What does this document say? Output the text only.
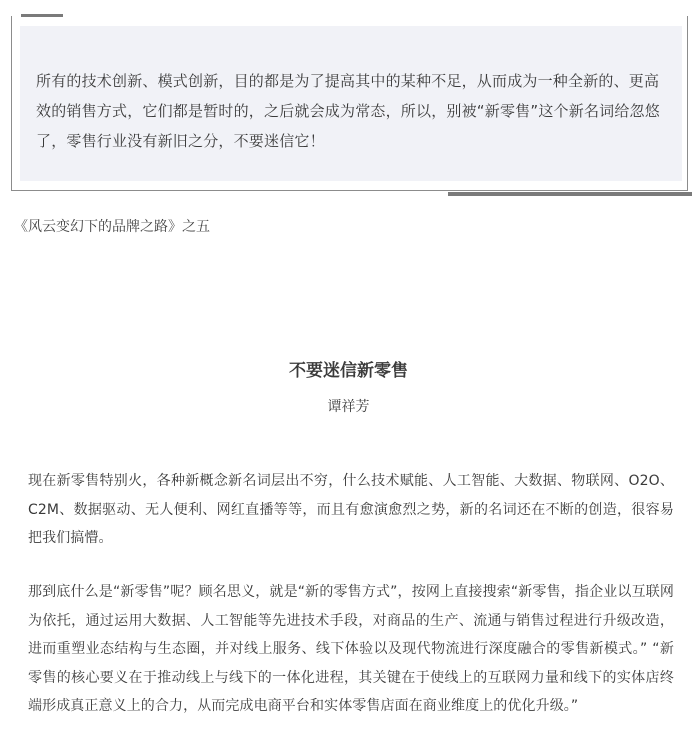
所有的技术创新、模式创新，目的都是为了提高其中的某种不足，从而成为一种全新的、更高效的销售方式，它们都是暂时的，之后就会成为常态，所以，别被“新零售”这个新名词给忽悠了，零售行业没有新旧之分，不要迷信它！

《风云变幻下的品牌之路》之五

不要迷信新零售

谭祥芳

现在新零售特别火，各种新概念新名词层出不穷，什么技术赋能、人工智能、大数据、物联网、O2O、C2M、数据驱动、无人便利、网红直播等等，而且有愈演愈烈之势，新的名词还在不断的创造，很容易把我们搞懵。

那到底什么是“新零售”呢？顾名思义，就是“新的零售方式”，按网上直接搜索“新零售，指企业以互联网为依托，通过运用大数据、人工智能等先进技术手段，对商品的生产、流通与销售过程进行升级改造，进而重塑业态结构与生态圈，并对线上服务、线下体验以及现代物流进行深度融合的零售新模式。” “新零售的核心要义在于推动线上与线下的一体化进程，其关键在于使线上的互联网力量和线下的实体店终端形成真正意义上的合力，从而完成电商平台和实体零售店面在商业维度上的优化升级。”
